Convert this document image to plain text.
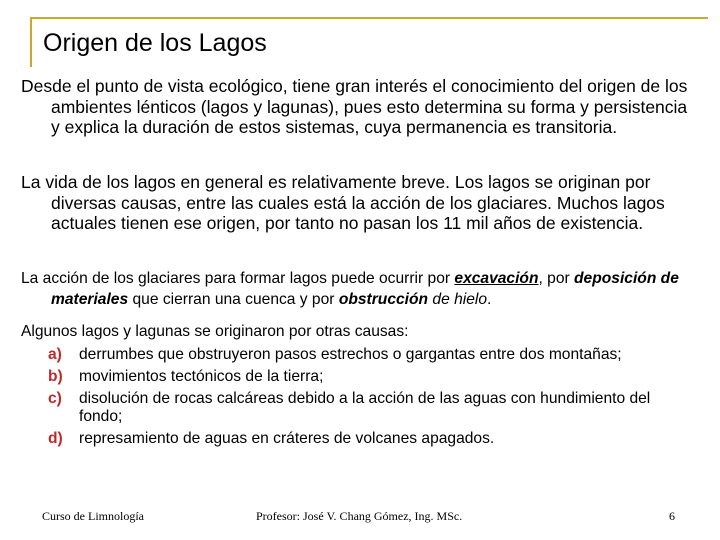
Origen de los Lagos

Desde el punto de vista ecológico, tiene gran interés el conocimiento del origen de los ambientes lénticos (lagos y lagunas), pues esto determina su forma y persistencia y explica la duración de estos sistemas, cuya permanencia es transitoria.

La vida de los lagos en general es relativamente breve. Los lagos se originan por diversas causas, entre las cuales está la acción de los glaciares. Muchos lagos actuales tienen ese origen, por tanto no pasan los 11 mil años de existencia.

La acción de los glaciares para formar lagos puede ocurrir por excavación, por deposición de materiales que cierran una cuenca y por obstrucción de hielo.

Algunos lagos y lagunas se originaron por otras causas:

a) derrumbes que obstruyeron pasos estrechos o gargantas entre dos montañas;
b) movimientos tectónicos de la tierra;
c) disolución de rocas calcáreas debido a la acción de las aguas con hundimiento del fondo;
d) represamiento de aguas en cráteres de volcanes apagados.
Curso de Limnología	Profesor: José V. Chang Gómez, Ing. MSc.	6
